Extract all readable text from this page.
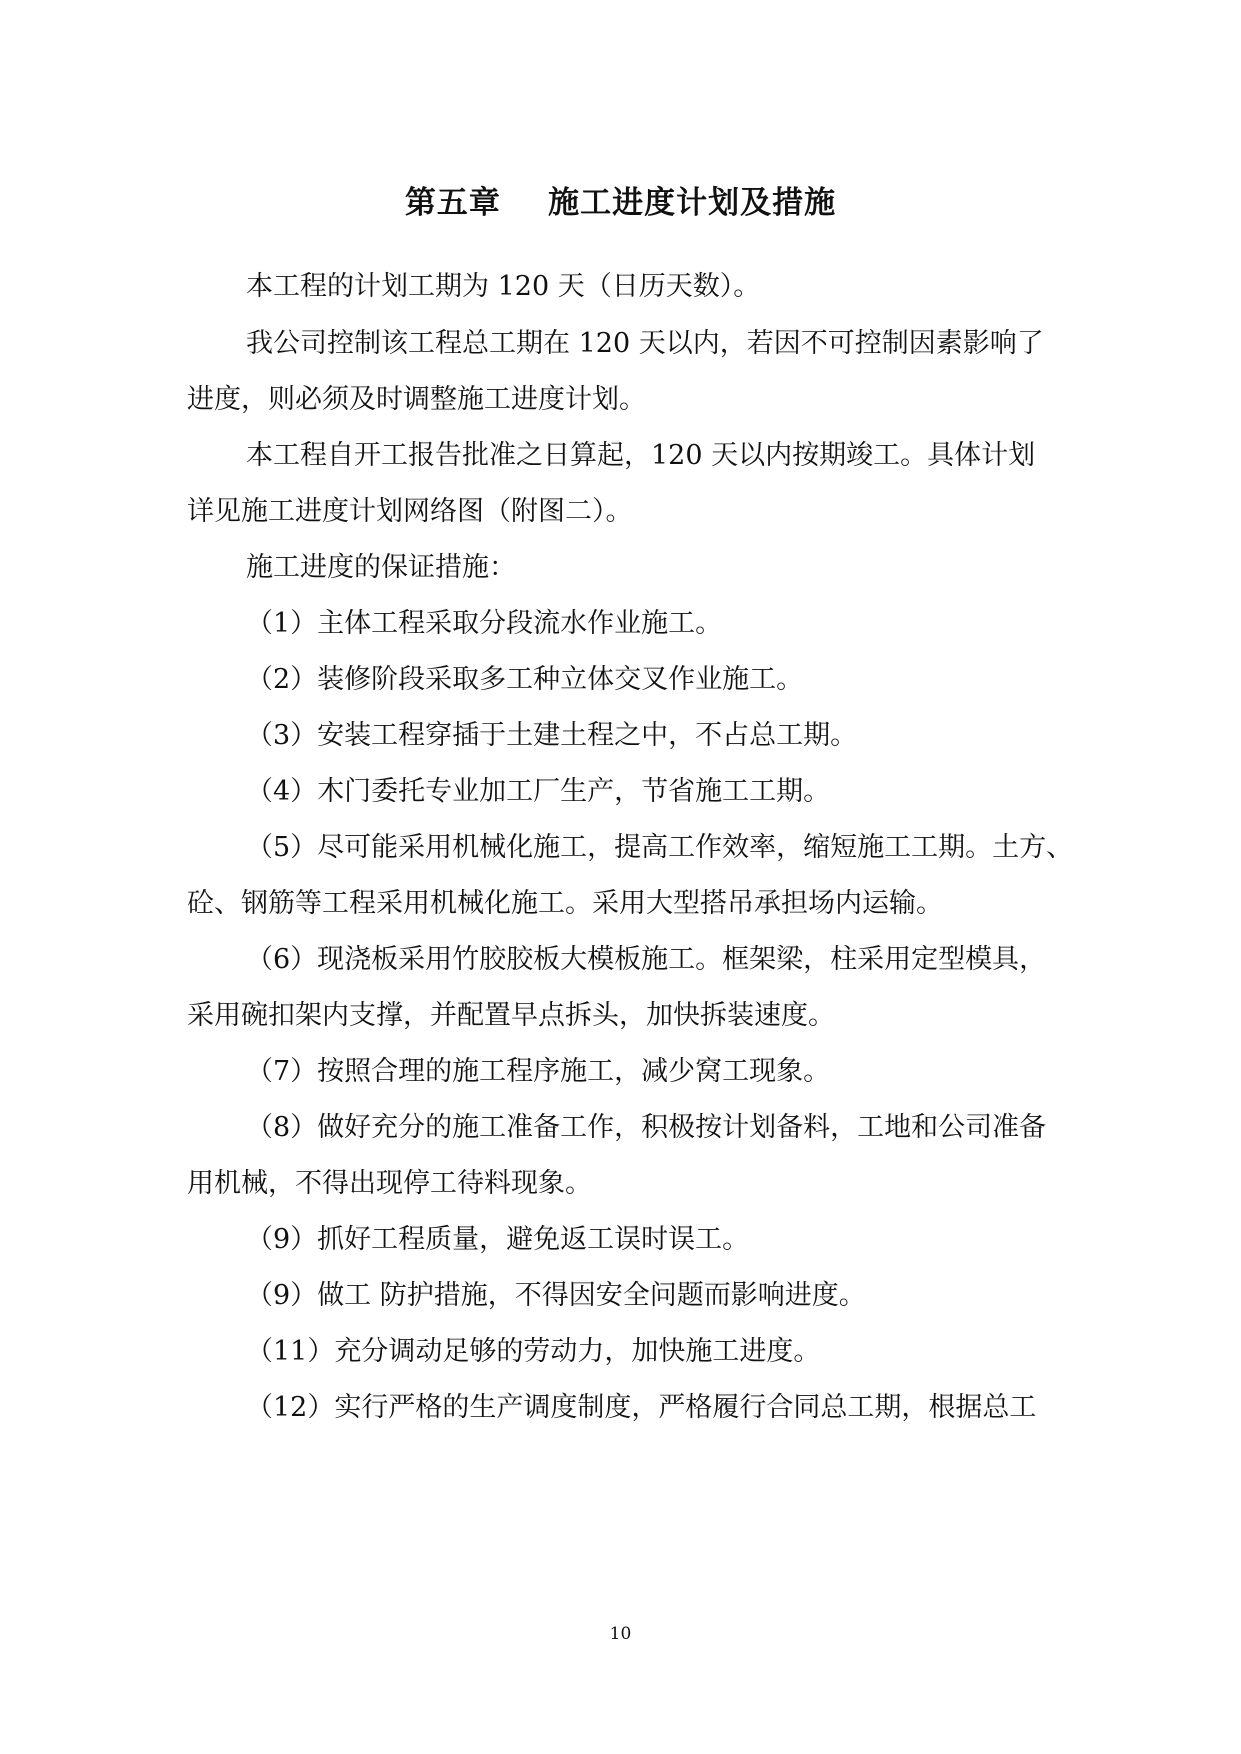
第五章    施工进度计划及措施
本工程的计划工期为 120 天（日历天数）。
我公司控制该工程总工期在 120 天以内，若因不可控制因素影响了
进度，则必须及时调整施工进度计划。
本工程自开工报告批准之日算起，120 天以内按期竣工。具体计划
详见施工进度计划网络图（附图二）。
施工进度的保证措施：
（1）主体工程采取分段流水作业施工。
（2）装修阶段采取多工种立体交叉作业施工。
（3）安装工程穿插于土建土程之中，不占总工期。
（4）木门委托专业加工厂生产，节省施工工期。
（5）尽可能采用机械化施工，提高工作效率，缩短施工工期。土方、
砼、钢筋等工程采用机械化施工。采用大型搭吊承担场内运输。
（6）现浇板采用竹胶胶板大模板施工。框架梁，柱采用定型模具，
采用碗扣架内支撑，并配置早点拆头，加快拆装速度。
（7）按照合理的施工程序施工，减少窝工现象。
（8）做好充分的施工准备工作，积极按计划备料，工地和公司准备
用机械，不得出现停工待料现象。
（9）抓好工程质量，避免返工误时误工。
（9）做工 防护措施，不得因安全问题而影响进度。
（11）充分调动足够的劳动力，加快施工进度。
（12）实行严格的生产调度制度，严格履行合同总工期，根据总工
10
